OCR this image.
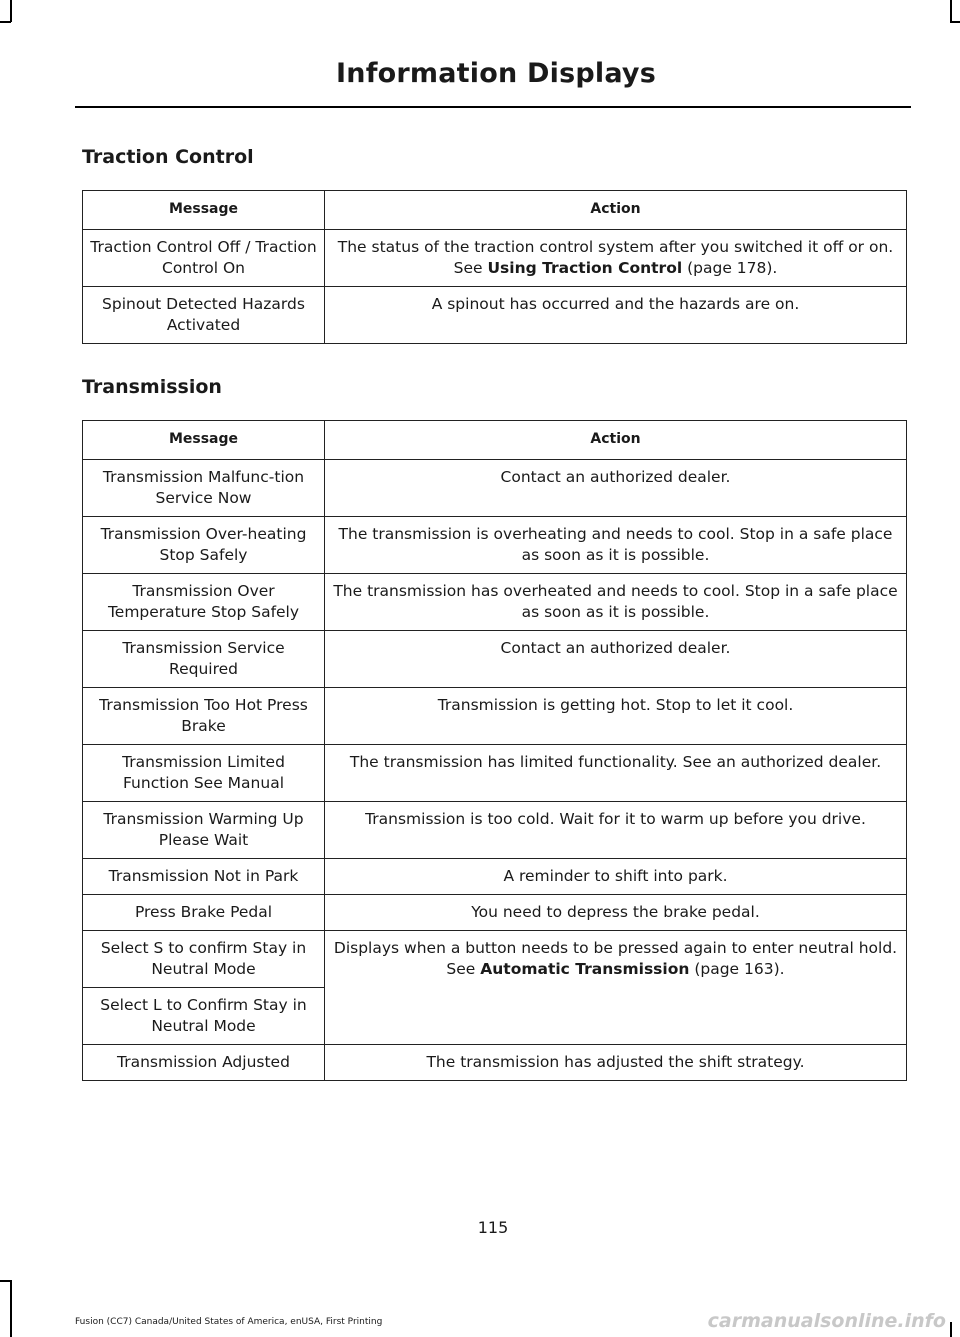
Information Displays
Traction Control
Message	Action
Traction Control Off / Traction Control On	The status of the traction control system after you switched it off or on. See Using Traction Control (page 178).
Spinout Detected Hazards Activated	A spinout has occurred and the hazards are on.
Transmission
Message	Action
Transmission Malfunc-tion Service Now	Contact an authorized dealer.
Transmission Over-heating Stop Safely	The transmission is overheating and needs to cool. Stop in a safe place as soon as it is possible.
Transmission Over Temperature Stop Safely	The transmission has overheated and needs to cool. Stop in a safe place as soon as it is possible.
Transmission Service Required	Contact an authorized dealer.
Transmission Too Hot Press Brake	Transmission is getting hot. Stop to let it cool.
Transmission Limited Function See Manual	The transmission has limited functionality. See an authorized dealer.
Transmission Warming Up Please Wait	Transmission is too cold. Wait for it to warm up before you drive.
Transmission Not in Park	A reminder to shift into park.
Press Brake Pedal	You need to depress the brake pedal.
Select S to confirm Stay in Neutral Mode	Displays when a button needs to be pressed again to enter neutral hold. See Automatic Transmission (page 163).
Select L to Confirm Stay in Neutral Mode	
Transmission Adjusted	The transmission has adjusted the shift strategy.
115
Fusion (CC7) Canada/United States of America, enUSA, First Printing	carmanualsonline.info
